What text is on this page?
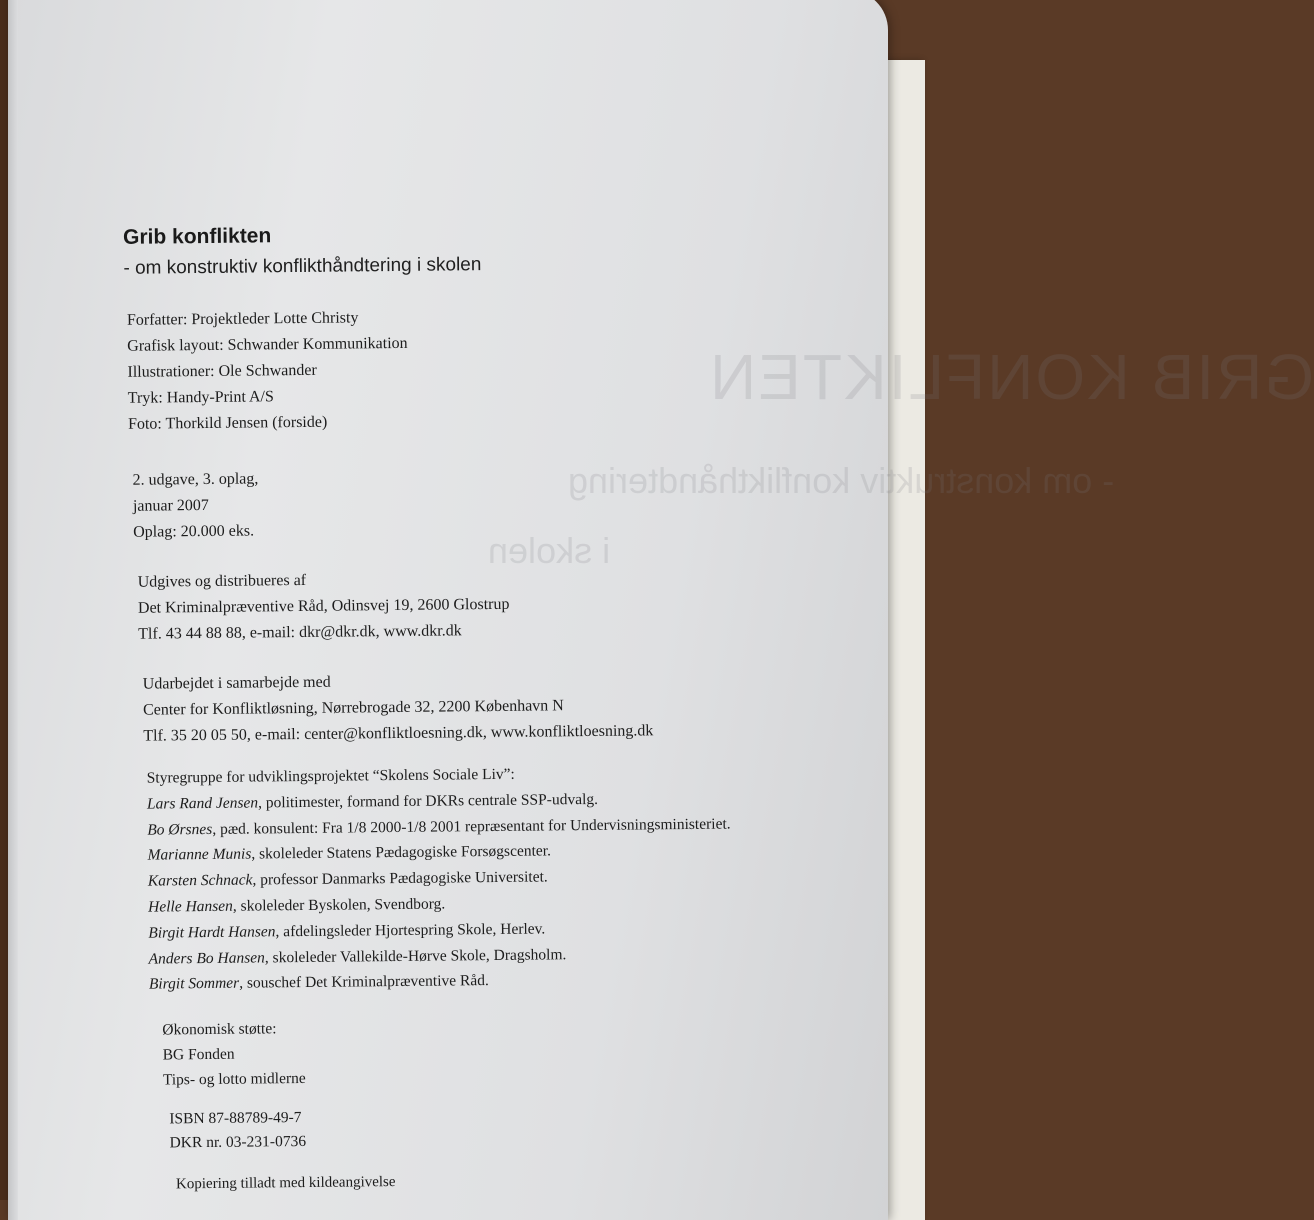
GRIB KONFLIKTEN
- om konstruktiv konflikthåndtering
i skolen
Grib konflikten
- om konstruktiv konflikthåndtering i skolen
Forfatter: Projektleder Lotte Christy
Grafisk layout: Schwander Kommunikation
Illustrationer: Ole Schwander
Tryk: Handy-Print A/S
Foto: Thorkild Jensen (forside)
2. udgave, 3. oplag,
januar 2007
Oplag: 20.000 eks.
Udgives og distribueres af
Det Kriminalpræventive Råd, Odinsvej 19, 2600 Glostrup
Tlf. 43 44 88 88, e-mail: dkr@dkr.dk, www.dkr.dk
Udarbejdet i samarbejde med
Center for Konfliktløsning, Nørrebrogade 32, 2200 København N
Tlf. 35 20 05 50, e-mail: center@konfliktloesning.dk, www.konfliktloesning.dk
Styregruppe for udviklingsprojektet “Skolens Sociale Liv”:
Lars Rand Jensen, politimester, formand for DKRs centrale SSP-udvalg.
Bo Ørsnes, pæd. konsulent: Fra 1/8 2000-1/8 2001 repræsentant for Undervisningsministeriet.
Marianne Munis, skoleleder Statens Pædagogiske Forsøgscenter.
Karsten Schnack, professor Danmarks Pædagogiske Universitet.
Helle Hansen, skoleleder Byskolen, Svendborg.
Birgit Hardt Hansen, afdelingsleder Hjortespring Skole, Herlev.
Anders Bo Hansen, skoleleder Vallekilde-Hørve Skole, Dragsholm.
Birgit Sommer, souschef Det Kriminalpræventive Råd.
Økonomisk støtte:
BG Fonden
Tips- og lotto midlerne
ISBN 87-88789-49-7
DKR nr. 03-231-0736
Kopiering tilladt med kildeangivelse
